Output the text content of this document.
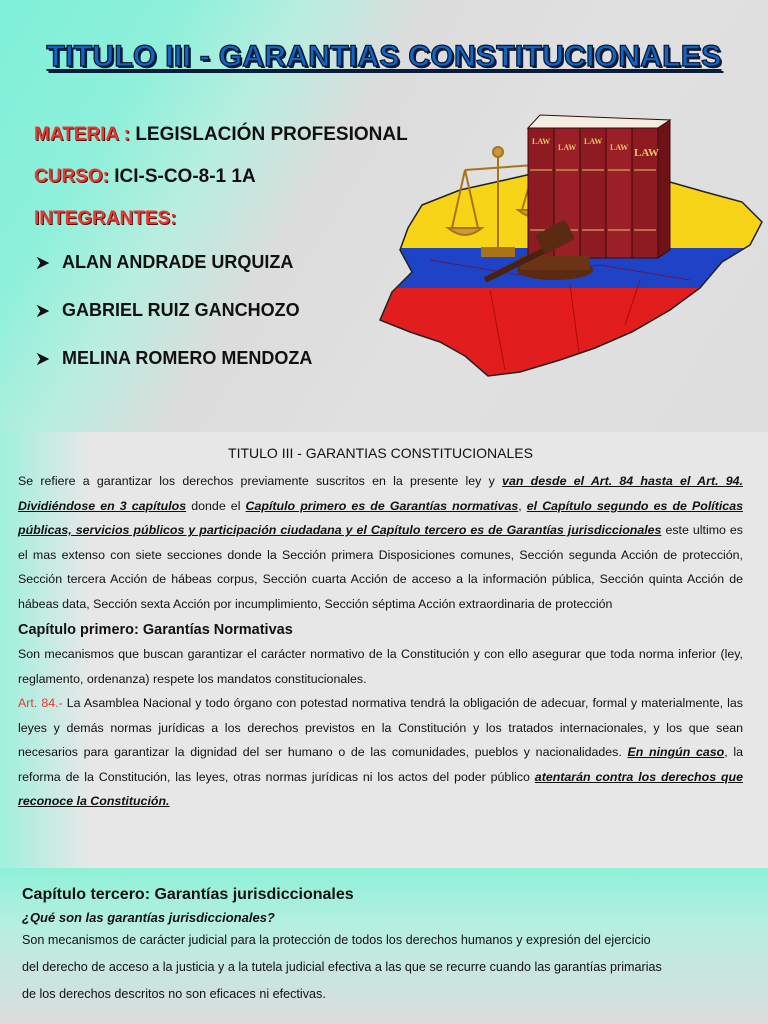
TITULO III - GARANTIAS CONSTITUCIONALES
MATERIA : LEGISLACIÓN PROFESIONAL
CURSO: ICI-S-CO-8-1 1A
INTEGRANTES:
ALAN ANDRADE URQUIZA
GABRIEL RUIZ GANCHOZO
MELINA ROMERO MENDOZA
LAW
LAW
LAW
LAW LAW
TITULO III - GARANTIAS CONSTITUCIONALES

Se refiere a garantizar los derechos previamente suscritos en la presente ley y van desde el Art. 84 hasta el Art. 94. Dividiéndose en 3 capítulos donde el Capítulo primero es de Garantías normativas, el Capítulo segundo es de Políticas públicas, servicios públicos y participación ciudadana y el Capítulo tercero es de Garantías jurisdiccionales este ultimo es el mas extenso con siete secciones donde la Sección primera Disposiciones comunes, Sección segunda Acción de protección, Sección tercera Acción de hábeas corpus, Sección cuarta Acción de acceso a la información pública, Sección quinta Acción de hábeas data, Sección sexta Acción por incumplimiento, Sección séptima Acción extraordinaria de protección

Capítulo primero: Garantías Normativas

Son mecanismos que buscan garantizar el carácter normativo de la Constitución y con ello asegurar que toda norma inferior (ley, reglamento, ordenanza) respete los mandatos constitucionales.

Art. 84.- La Asamblea Nacional y todo órgano con potestad normativa tendrá la obligación de adecuar, formal y materialmente, las leyes y demás normas jurídicas a los derechos previstos en la Constitución y los tratados internacionales, y los que sean necesarios para garantizar la dignidad del ser humano o de las comunidades, pueblos y nacionalidades. En ningún caso, la reforma de la Constitución, las leyes, otras normas jurídicas ni los actos del poder público atentarán contra los derechos que reconoce la Constitución.

Capítulo tercero: Garantías jurisdiccionales
¿Qué son las garantías jurisdiccionales?

Son mecanismos de carácter judicial para la protección de todos los derechos humanos y expresión del ejercicio

del derecho de acceso a la justicia y a la tutela judicial efectiva a las que se recurre cuando las garantías primarias

de los derechos descritos no son eficaces ni efectivas.
